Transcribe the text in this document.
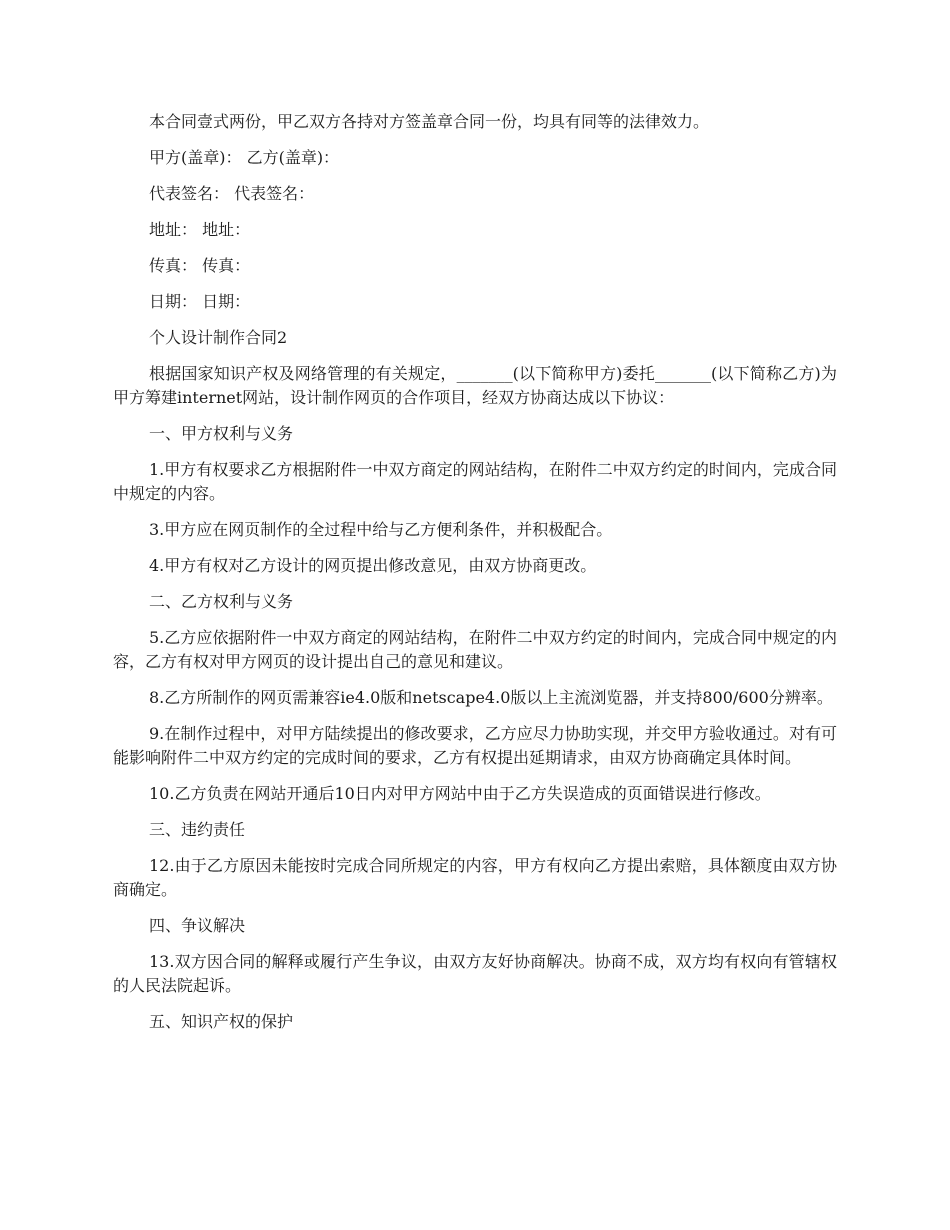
本合同壹式两份，甲乙双方各持对方签盖章合同一份，均具有同等的法律效力。

甲方(盖章)： 乙方(盖章)：

代表签名： 代表签名：

地址： 地址：

传真： 传真：

日期： 日期：

个人设计制作合同2

根据国家知识产权及网络管理的有关规定，_______(以下简称甲方)委托_______(以下简称乙方)为甲方筹建internet网站，设计制作网页的合作项目，经双方协商达成以下协议：

一、甲方权利与义务

1.甲方有权要求乙方根据附件一中双方商定的网站结构，在附件二中双方约定的时间内，完成合同中规定的内容。

3.甲方应在网页制作的全过程中给与乙方便利条件，并积极配合。

4.甲方有权对乙方设计的网页提出修改意见，由双方协商更改。

二、乙方权利与义务

5.乙方应依据附件一中双方商定的网站结构，在附件二中双方约定的时间内，完成合同中规定的内容，乙方有权对甲方网页的设计提出自己的意见和建议。

8.乙方所制作的网页需兼容ie4.0版和netscape4.0版以上主流浏览器，并支持800/600分辨率。

9.在制作过程中，对甲方陆续提出的修改要求，乙方应尽力协助实现，并交甲方验收通过。对有可能影响附件二中双方约定的完成时间的要求，乙方有权提出延期请求，由双方协商确定具体时间。

10.乙方负责在网站开通后10日内对甲方网站中由于乙方失误造成的页面错误进行修改。

三、违约责任

12.由于乙方原因未能按时完成合同所规定的内容，甲方有权向乙方提出索赔，具体额度由双方协商确定。

四、争议解决

13.双方因合同的解释或履行产生争议，由双方友好协商解决。协商不成，双方均有权向有管辖权的人民法院起诉。

五、知识产权的保护
